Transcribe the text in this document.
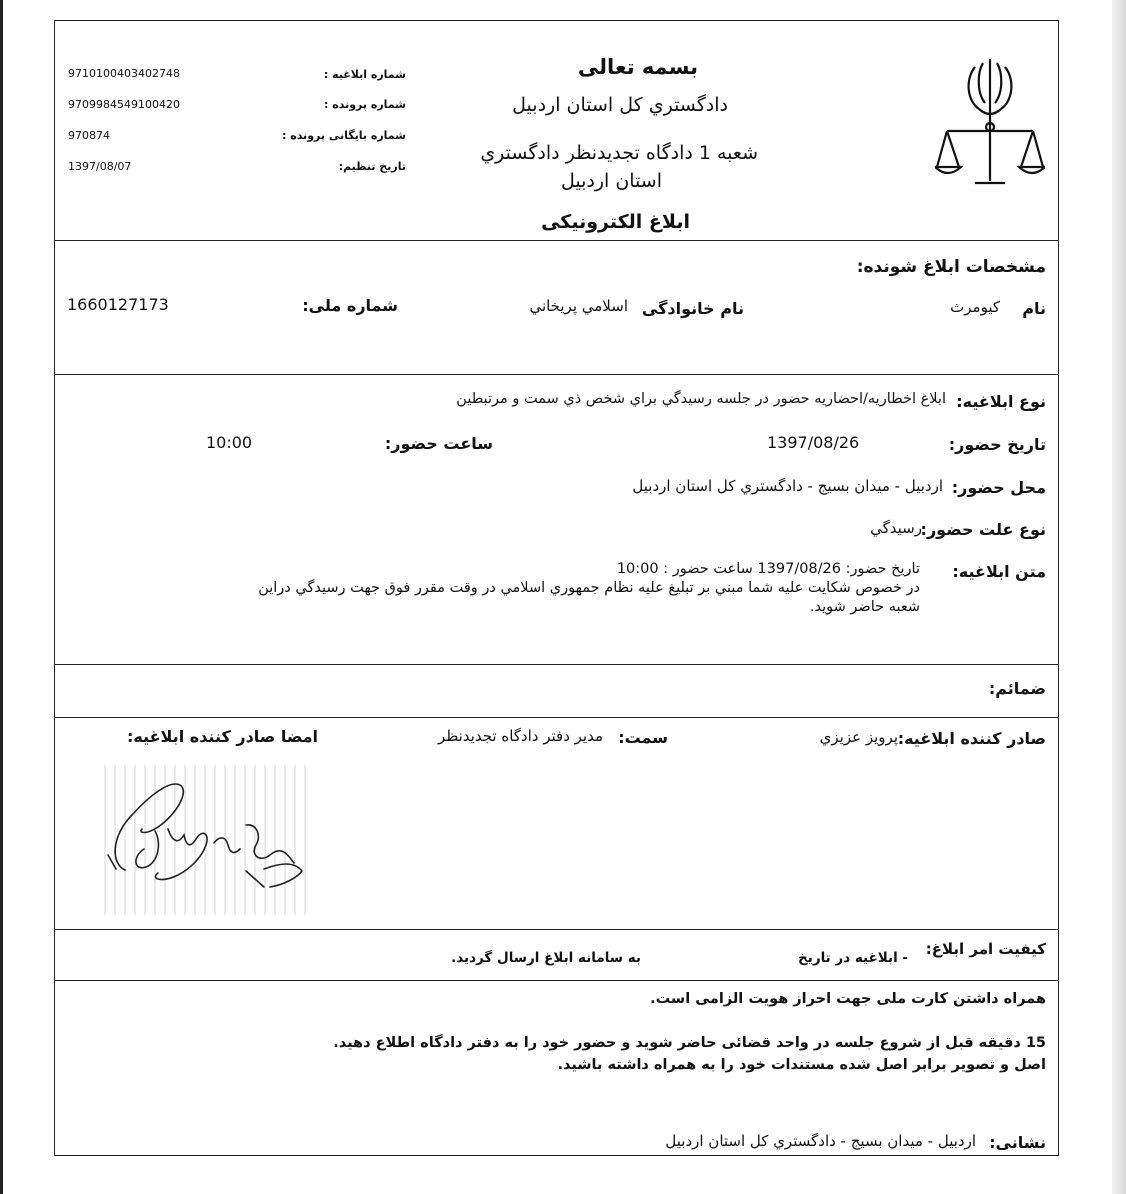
بسمه تعالی
دادگستري كل استان اردبيل
شعبه 1 دادگاه تجديدنظر دادگستري
استان اردبيل
ابلاغ الكترونيكی
شماره ابلاغيه :
9710100403402748
شماره پرونده :
9709984549100420
شماره بايگانی پرونده :
970874
تاريخ تنظيم:
1397/08/07
مشخصات ابلاغ شونده:
نام
كيومرث
نام خانوادگی
اسلامي پريخاني
شماره ملی:
1660127173
نوع ابلاغيه:
ابلاغ اخطاريه/احضاريه حضور در جلسه رسيدگي براي شخص ذي سمت و مرتبطين
تاريخ حضور:
1397/08/26
ساعت حضور:
10:00
محل حضور:
اردبيل - ميدان بسيج - دادگستري كل استان اردبيل
نوع علت حضور:
رسيدگي
متن ابلاغيه:
تاريخ حضور: 1397/08/26 ساعت حضور : 10:00
در خصوص شكايت عليه شما مبني بر تبليغ عليه نظام جمهوري اسلامي در وقت مقرر فوق جهت رسيدگي دراين
شعبه حاضر شويد.
ضمائم:
صادر كننده ابلاغيه:
پرويز عزيزي
سمت:
مدير دفتر دادگاه تجديدنظر
امضا صادر كننده ابلاغيه:
كيفيت امر ابلاغ:
- ابلاغيه در تاريخ
به سامانه ابلاغ ارسال گرديد.
همراه داشتن كارت ملی جهت احراز هويت الزامی است.
15 دقيقه قبل از شروع جلسه در واحد قضائی حاضر شويد و حضور خود را به دفتر دادگاه اطلاع دهيد.
اصل و تصوير برابر اصل شده مستندات خود را به همراه داشته باشيد.
نشانی:
اردبيل - ميدان بسيج - دادگستري كل استان اردبيل
